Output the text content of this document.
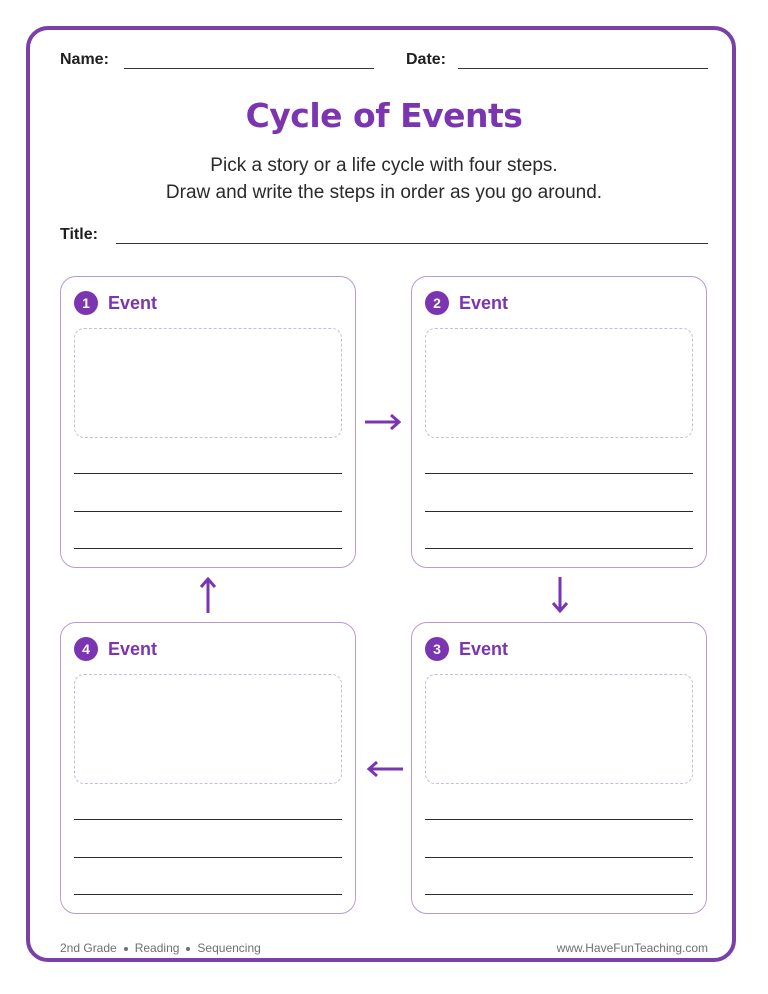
Name:	Date:
Cycle of Events
Pick a story or a life cycle with four steps.
Draw and write the steps in order as you go around.
Title:
1	Event	2	Event
3	Event
4	Event
2nd Grade Reading Sequencing	www.HaveFunTeaching.com
